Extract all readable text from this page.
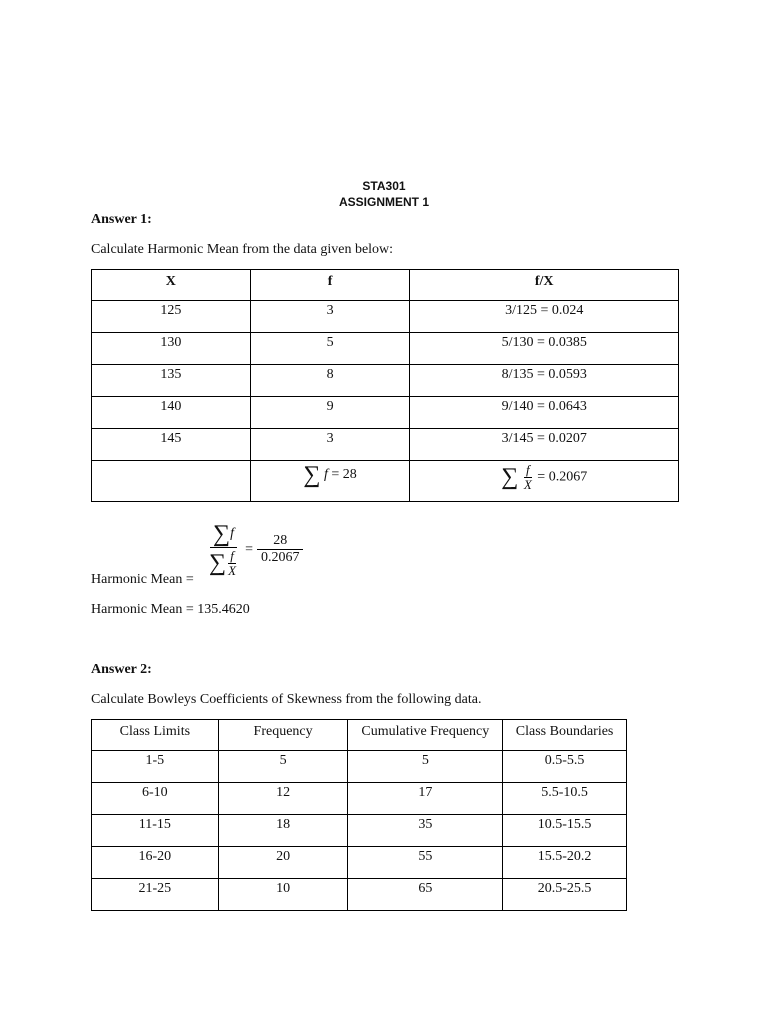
STA301
ASSIGNMENT 1
Answer 1:
Calculate Harmonic Mean from the data given below:
X	f	f/X
125	3	3/125 = 0.024
130	5	5/130 = 0.0385
135	8	8/135 = 0.0593
140	9	9/140 = 0.0643
145	3	3/145 = 0.0207
	∑ f = 28	∑ $\frac{f}{X} = 0.2067$
$\frac{\sum f}{\sum \frac{f}{X}} = \frac{28}{0.2067}$
Harmonic Mean =
Harmonic Mean = 135.4620
Answer 2:
Calculate Bowleys Coefficients of Skewness from the following data.
Class Limits	Frequency	Cumulative Frequency	Class Boundaries
1-5	5	5	0.5-5.5
6-10	12	17	5.5-10.5
11-15	18	35	10.5-15.5
16-20	20	55	15.5-20.2
21-25	10	65	20.5-25.5
